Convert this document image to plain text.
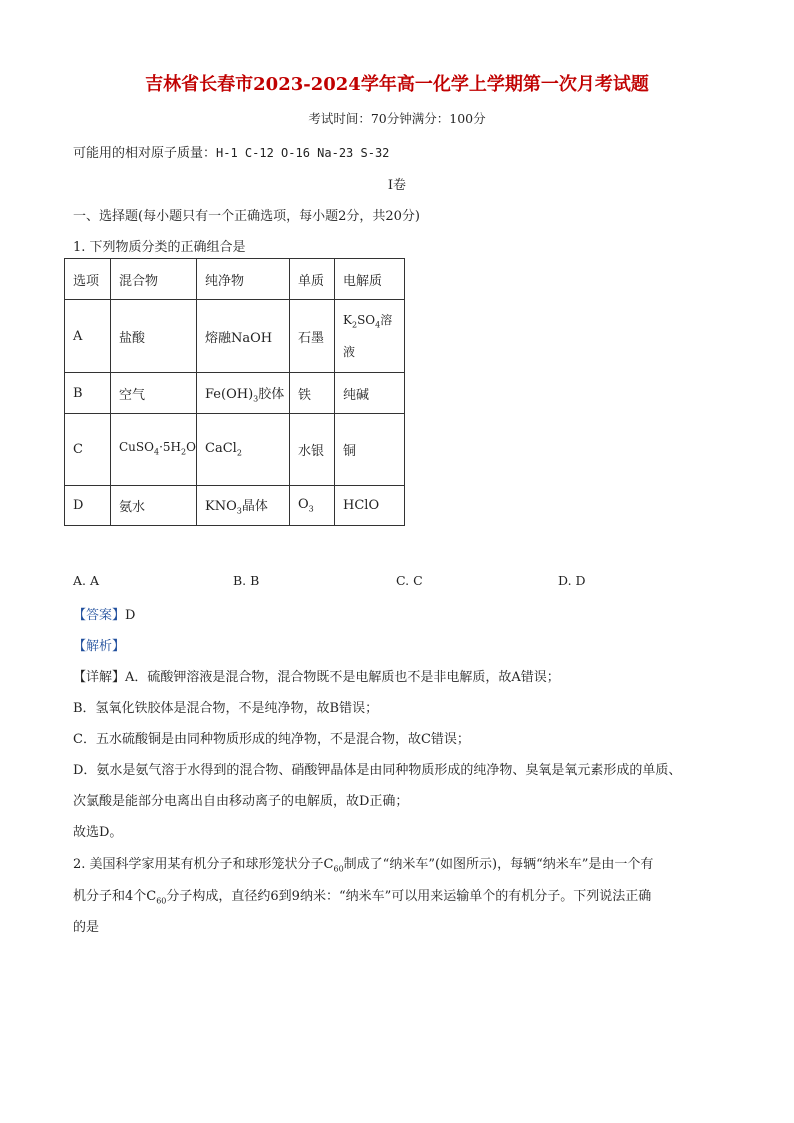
吉林省长春市2023-2024学年高一化学上学期第一次月考试题
考试时间：70分钟满分：100分
可能用的相对原子质量：H-1 C-12 O-16 Na-23 S-32
Ⅰ卷
一、选择题(每小题只有一个正确选项，每小题2分，共20分)
1. 下列物质分类的正确组合是
选项	混合物	纯净物	单质	电解质
A	盐酸	熔融NaOH	石墨	$K_2SO_4$溶液
B	空气	$Fe(OH)_3$胶体	铁	纯碱
C	$CuSO_4\cdot 5H_2O$	CaCl$_2$	水银	铜
D	氨水	$KNO_3$晶体	$O_3$	HClO
A. A	B. B	C. C	D. D
【答案】D
【解析】
【详解】A．硫酸钾溶液是混合物，混合物既不是电解质也不是非电解质，故A错误；
B．氢氧化铁胶体是混合物，不是纯净物，故B错误；
C．五水硫酸铜是由同种物质形成的纯净物，不是混合物，故C错误；
D．氨水是氨气溶于水得到的混合物、硝酸钾晶体是由同种物质形成的纯净物、臭氧是氧元素形成的单质、
次氯酸是能部分电离出自由移动离子的电解质，故D正确；
故选D。
2. 美国科学家用某有机分子和球形笼状分子$C_{60}$制成了“纳米车”(如图所示)，每辆“纳米车”是由一个有
机分子和4个$C_{60}$分子构成，直径约6到9纳米：“纳米车”可以用来运输单个的有机分子。下列说法正确
的是
